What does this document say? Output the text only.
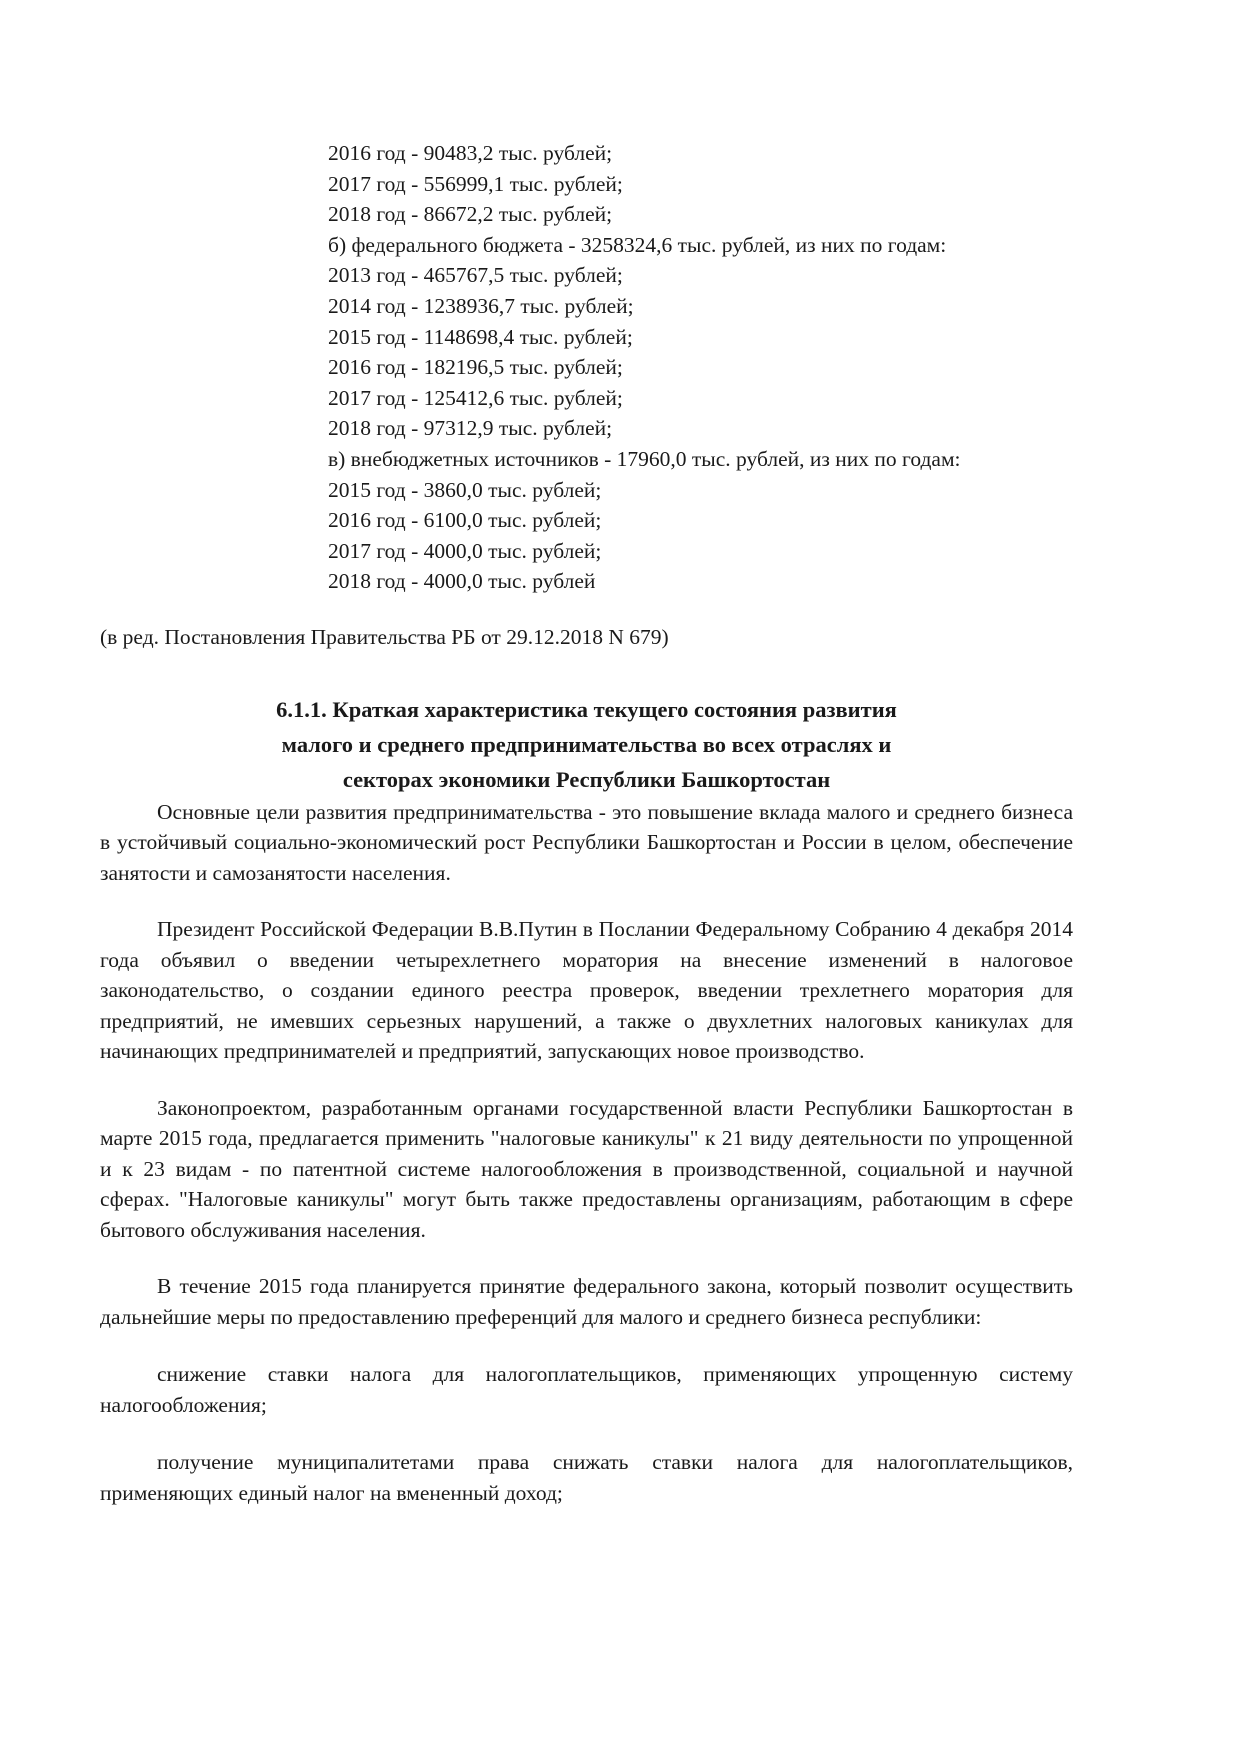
2016 год - 90483,2 тыс. рублей;
2017 год - 556999,1 тыс. рублей;
2018 год - 86672,2 тыс. рублей;
б) федерального бюджета - 3258324,6 тыс. рублей, из них по годам:
2013 год - 465767,5 тыс. рублей;
2014 год - 1238936,7 тыс. рублей;
2015 год - 1148698,4 тыс. рублей;
2016 год - 182196,5 тыс. рублей;
2017 год - 125412,6 тыс. рублей;
2018 год - 97312,9 тыс. рублей;
в) внебюджетных источников - 17960,0 тыс. рублей, из них по годам:
2015 год - 3860,0 тыс. рублей;
2016 год - 6100,0 тыс. рублей;
2017 год - 4000,0 тыс. рублей;
2018 год - 4000,0 тыс. рублей
(в ред. Постановления Правительства РБ от 29.12.2018 N 679)
6.1.1. Краткая характеристика текущего состояния развития
малого и среднего предпринимательства во всех отраслях и
секторах экономики Республики Башкортостан

Основные цели развития предпринимательства - это повышение вклада малого и среднего бизнеса в устойчивый социально-экономический рост Республики Башкортостан и России в целом, обеспечение занятости и самозанятости населения.

Президент Российской Федерации В.В.Путин в Послании Федеральному Собранию 4 декабря 2014 года объявил о введении четырехлетнего моратория на внесение изменений в налоговое законодательство, о создании единого реестра проверок, введении трехлетнего моратория для предприятий, не имевших серьезных нарушений, а также о двухлетних налоговых каникулах для начинающих предпринимателей и предприятий, запускающих новое производство.

Законопроектом, разработанным органами государственной власти Республики Башкортостан в марте 2015 года, предлагается применить "налоговые каникулы" к 21 виду деятельности по упрощенной и к 23 видам - по патентной системе налогообложения в производственной, социальной и научной сферах. "Налоговые каникулы" могут быть также предоставлены организациям, работающим в сфере бытового обслуживания населения.

В течение 2015 года планируется принятие федерального закона, который позволит осуществить дальнейшие меры по предоставлению преференций для малого и среднего бизнеса республики:

снижение ставки налога для налогоплательщиков, применяющих упрощенную систему налогообложения;

получение муниципалитетами права снижать ставки налога для налогоплательщиков, применяющих единый налог на вмененный доход;
